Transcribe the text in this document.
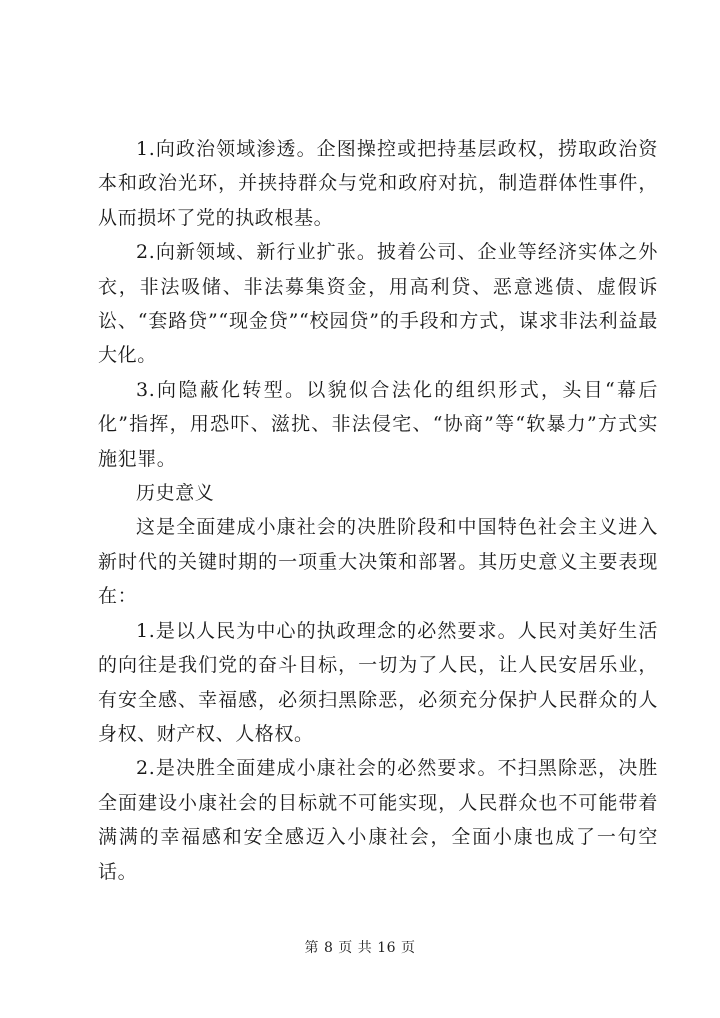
1.向政治领域渗透。企图操控或把持基层政权，捞取政治资本和政治光环，并挟持群众与党和政府对抗，制造群体性事件，从而损坏了党的执政根基。

2.向新领域、新行业扩张。披着公司、企业等经济实体之外衣，非法吸储、非法募集资金，用高利贷、恶意逃债、虚假诉讼、“套路贷”“现金贷”“校园贷”的手段和方式，谋求非法利益最大化。

3.向隐蔽化转型。以貌似合法化的组织形式，头目“幕后化”指挥，用恐吓、滋扰、非法侵宅、“协商”等“软暴力”方式实施犯罪。

历史意义

这是全面建成小康社会的决胜阶段和中国特色社会主义进入新时代的关键时期的一项重大决策和部署。其历史意义主要表现在：

1.是以人民为中心的执政理念的必然要求。人民对美好生活的向往是我们党的奋斗目标，一切为了人民，让人民安居乐业，有安全感、幸福感，必须扫黑除恶，必须充分保护人民群众的人身权、财产权、人格权。

2.是决胜全面建成小康社会的必然要求。不扫黑除恶，决胜全面建设小康社会的目标就不可能实现，人民群众也不可能带着满满的幸福感和安全感迈入小康社会，全面小康也成了一句空话。

第 8 页 共 16 页
